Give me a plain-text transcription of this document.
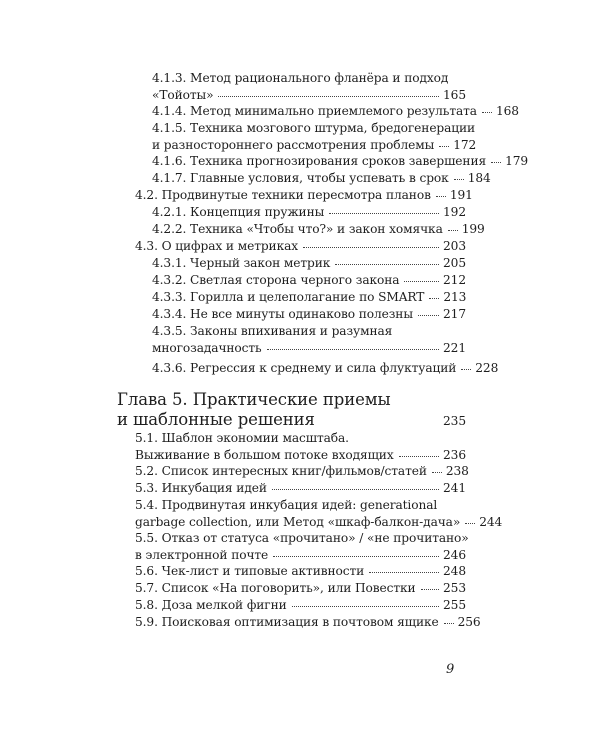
4.1.3. Метод рационального фланёра и подход
«Тойоты»	165
4.1.4. Метод минимально приемлемого результата 168
4.1.5. Техника мозгового штурма, бредогенерации
и разностороннего рассмотрения проблемы 172
4.1.6. Техника прогнозирования сроков завершения 179
4.1.7. Главные условия, чтобы успевать в срок 184
4.2. Продвинутые техники пересмотра планов 191
4.2.1. Концепция пружины	192
4.2.2. Техника «Чтобы что?» и закон хомячка 199
4.3. О цифрах и метриках	203
4.3.1. Черный закон метрик	205
4.3.2. Светлая сторона черного закона	212
4.3.3. Горилла и целеполагание по SMART 213
4.3.4. Не все минуты одинаково полезны 217
4.3.5. Законы впихивания и разумная
многозадачность	221
4.3.6. Регрессия к среднему и сила флуктуаций 228
Глава 5. Практические приемы
и шаблонные решения	235
5.1. Шаблон экономии масштаба.
Выживание в большом потоке входящих	236
5.2. Список интересных книг/фильмов/статей 238
5.3. Инкубация идей	241
5.4. Продвинутая инкубация идей: generational
garbage collection, или Метод «шкаф-балкон-дача» 244
5.5. Отказ от статуса «прочитано» / «не прочитано»
в электронной почте	246
5.6. Чек-лист и типовые активности	248
5.7. Список «На поговорить», или Повестки 253
5.8. Доза мелкой фигни	255
5.9. Поисковая оптимизация в почтовом ящике 256
9
